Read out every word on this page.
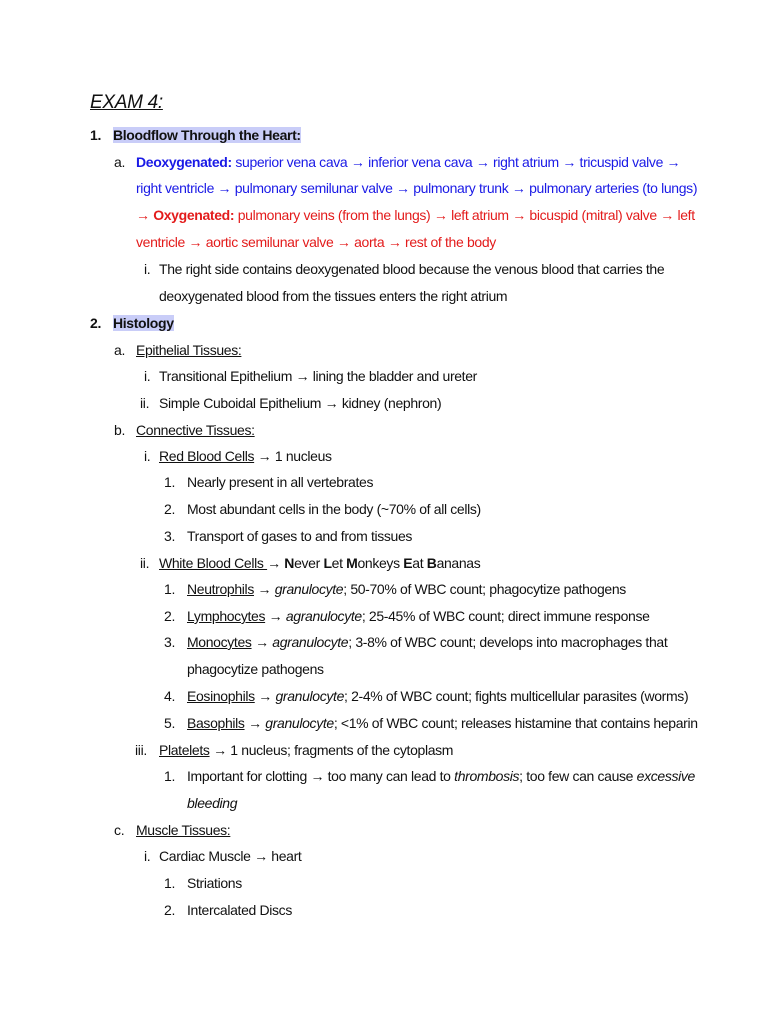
EXAM 4:
1. Bloodflow Through the Heart:
a. Deoxygenated: superior vena cava → inferior vena cava → right atrium → tricuspid valve →
right ventricle → pulmonary semilunar valve → pulmonary trunk → pulmonary arteries (to lungs)
→ Oxygenated: pulmonary veins (from the lungs) → left atrium → bicuspid (mitral) valve → left
ventricle → aortic semilunar valve → aorta → rest of the body
i. The right side contains deoxygenated blood because the venous blood that carries the
deoxygenated blood from the tissues enters the right atrium
2. Histology
a. Epithelial Tissues:
i. Transitional Epithelium → lining the bladder and ureter
ii. Simple Cuboidal Epithelium → kidney (nephron)
b. Connective Tissues:
i. Red Blood Cells → 1 nucleus
1. Nearly present in all vertebrates
2. Most abundant cells in the body (~70% of all cells)
3. Transport of gases to and from tissues
ii. White Blood Cells → Never Let Monkeys Eat Bananas
1. Neutrophils → granulocyte; 50-70% of WBC count; phagocytize pathogens
2. Lymphocytes → agranulocyte; 25-45% of WBC count; direct immune response
3. Monocytes → agranulocyte; 3-8% of WBC count; develops into macrophages that
phagocytize pathogens
4. Eosinophils → granulocyte; 2-4% of WBC count; fights multicellular parasites (worms)
5. Basophils → granulocyte; <1% of WBC count; releases histamine that contains heparin
iii. Platelets → 1 nucleus; fragments of the cytoplasm
1. Important for clotting → too many can lead to thrombosis; too few can cause excessive
bleeding
c. Muscle Tissues:
i. Cardiac Muscle → heart
1. Striations
2. Intercalated Discs
